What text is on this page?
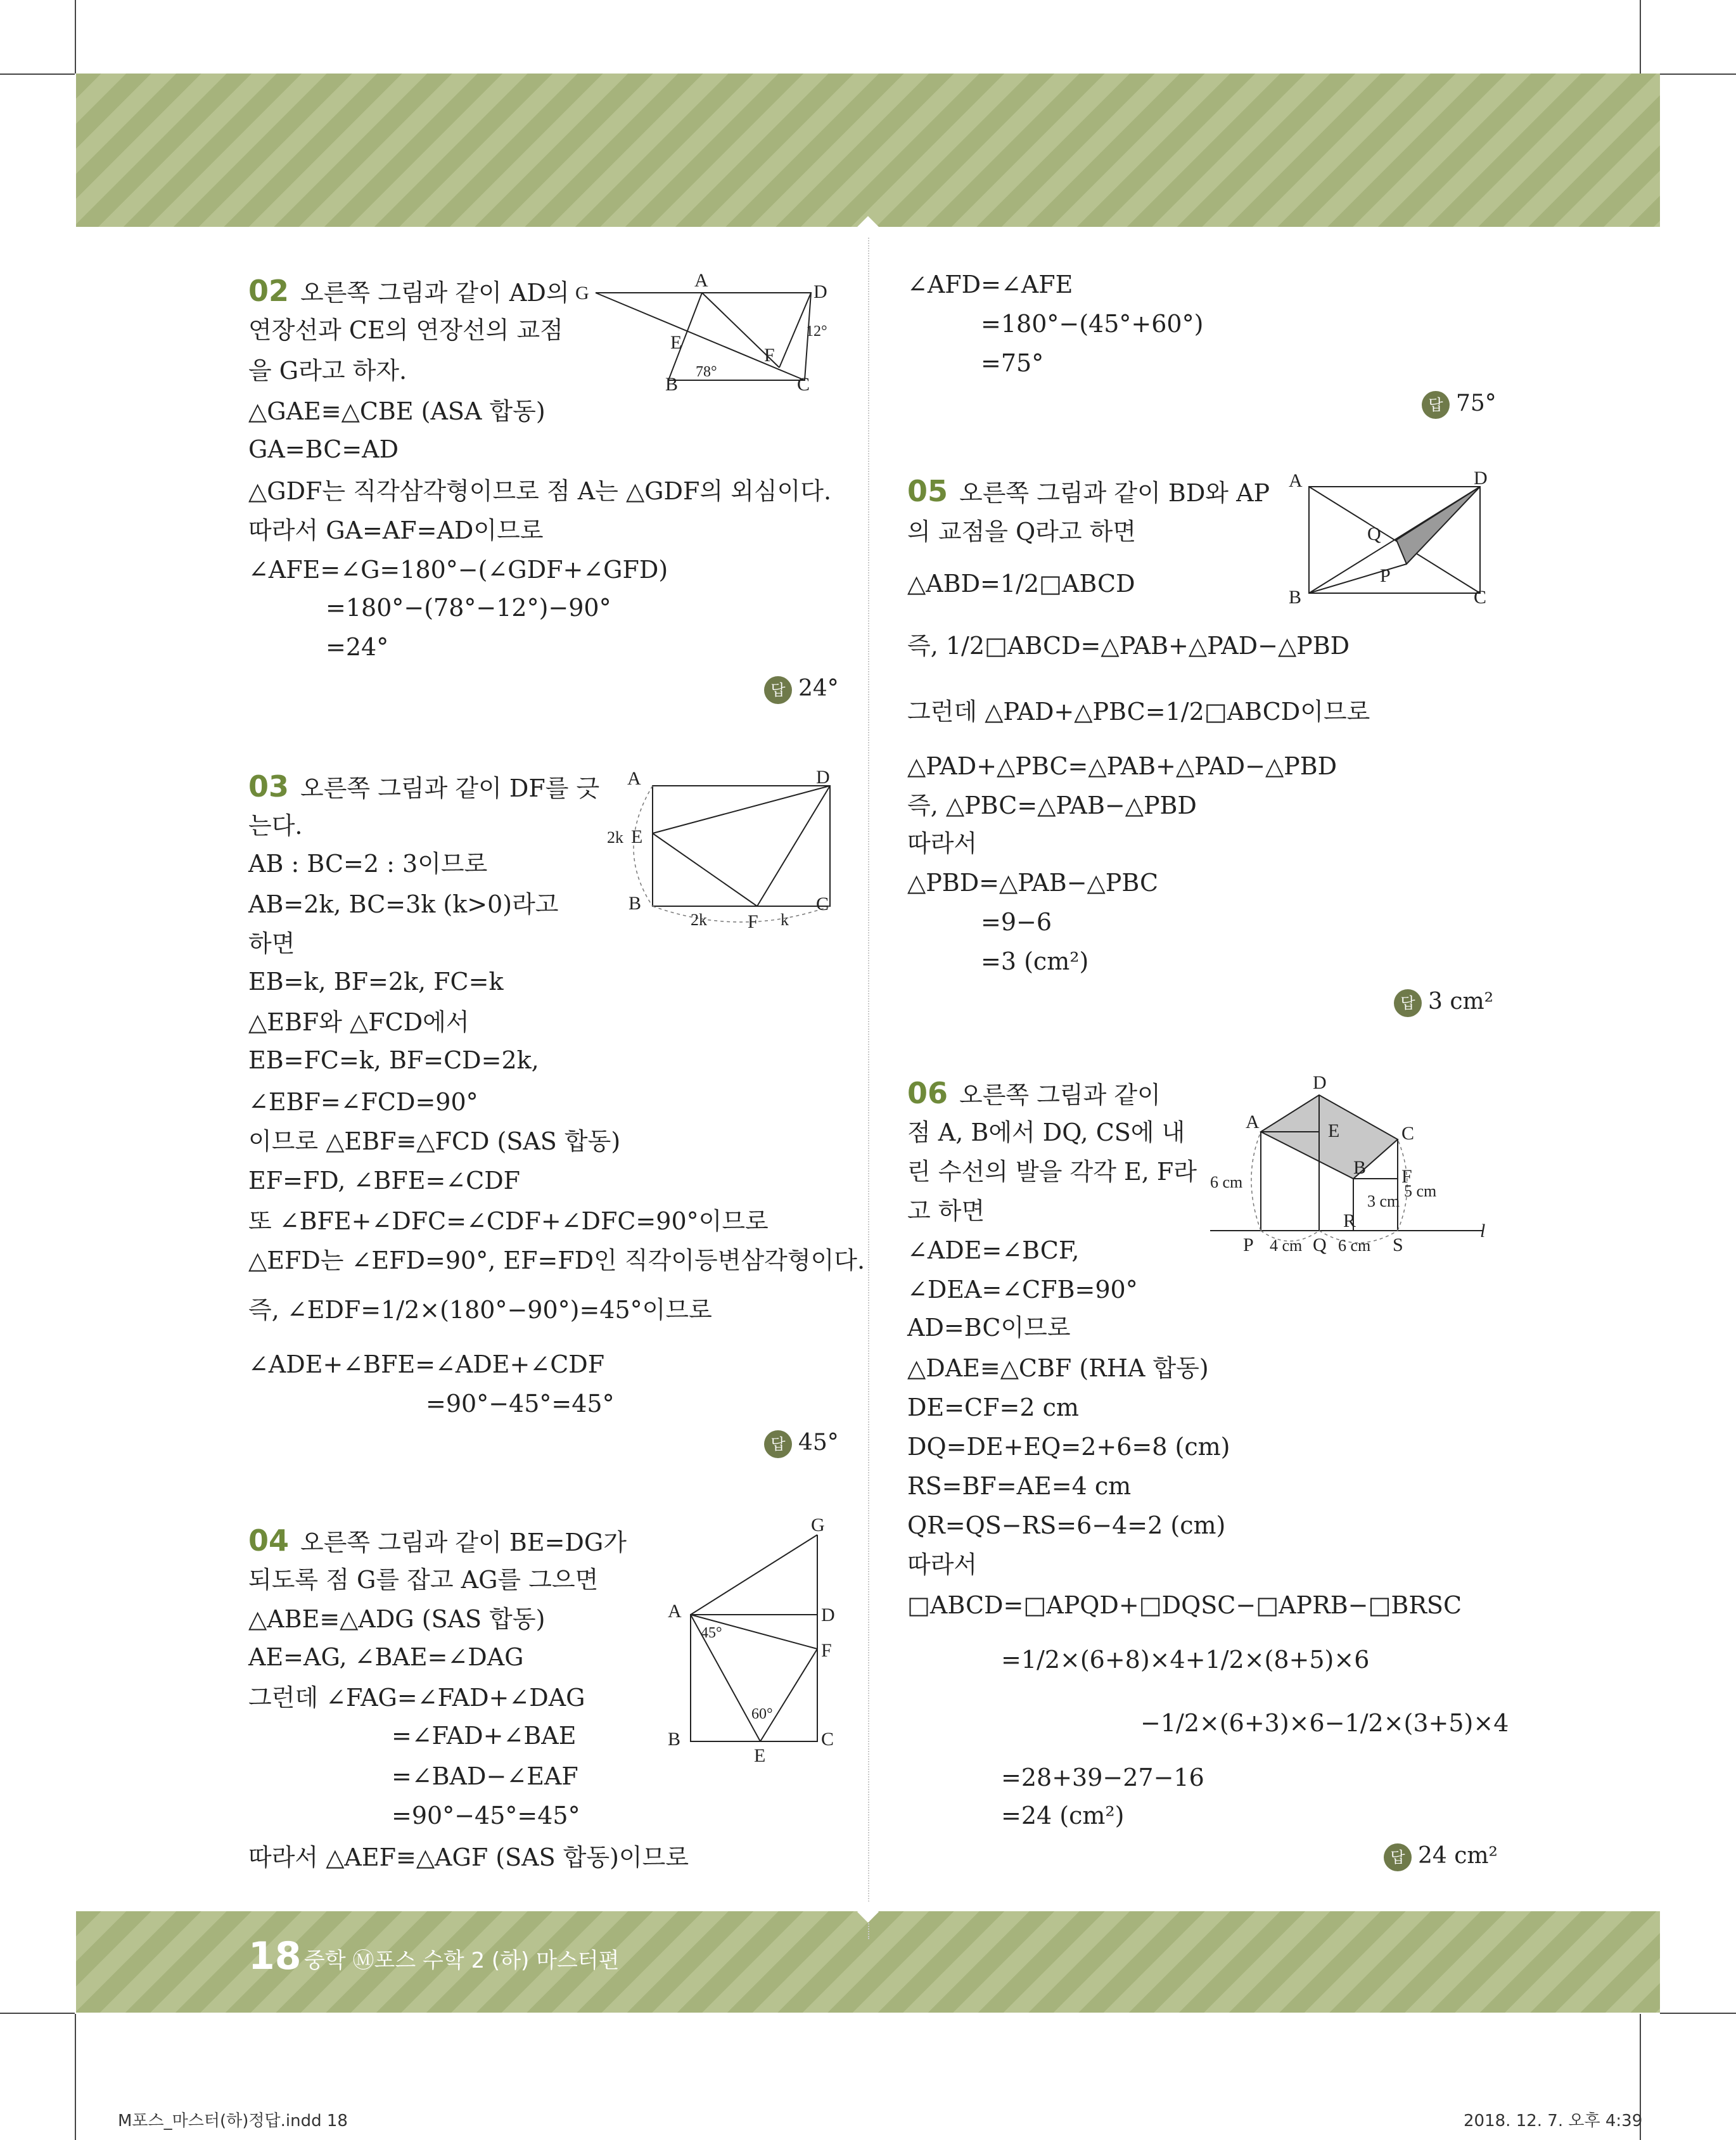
02 오른쪽 그림과 같이 AD의
연장선과 CE의 연장선의 교점
을 G라고 하자.
△GAE≡△CBE (ASA 합동)
GA=BC=AD
△GDF는 직각삼각형이므로 점 A는 △GDF의 외심이다.
따라서 GA=AF=AD이므로
∠AFE=∠G=180°−(∠GDF+∠GFD)
=180°−(78°−12°)−90°
=24°
답 24°
G
A
D
E
F
B	C
78°
12°
03 오른쪽 그림과 같이 DF를 긋
는다.
AB : BC=2 : 3이므로
AB=2k, BC=3k (k>0)라고
하면
EB=k, BF=2k, FC=k
△EBF와 △FCD에서
EB=FC=k, BF=CD=2k,
∠EBF=∠FCD=90°
이므로 △EBF≡△FCD (SAS 합동)
EF=FD, ∠BFE=∠CDF
또 ∠BFE+∠DFC=∠CDF+∠DFC=90°이므로
△EFD는 ∠EFD=90°, EF=FD인 직각이등변삼각형이다.
즉, ∠EDF=1/2×(180°−90°)=45°이므로
∠ADE+∠BFE=∠ADE+∠CDF
=90°−45°=45°
답 45°
A	D
2k E
B
2k F k
C
04 오른쪽 그림과 같이 BE=DG가
되도록 점 G를 잡고 AG를 그으면
△ABE≡△ADG (SAS 합동)
AE=AG, ∠BAE=∠DAG
그런데 ∠FAG=∠FAD+∠DAG
=∠FAD+∠BAE
=∠BAD−∠EAF
=90°−45°=45°
따라서 △AEF≡△AGF (SAS 합동)이므로
G
A	D
45°
F
60°
B
E
C
∠AFD=∠AFE
=180°−(45°+60°)
=75°
답 75°
05 오른쪽 그림과 같이 BD와 AP
의 교점을 Q라고 하면
△ABD=1/2□ABCD
즉, 1/2□ABCD=△PAB+△PAD−△PBD
그런데 △PAD+△PBC=1/2□ABCD이므로
△PAD+△PBC=△PAB+△PAD−△PBD
즉, △PBC=△PAB−△PBD
따라서
△PBD=△PAB−△PBC
=9−6
=3 (cm²)
답 3 cm²
A	D
Q
P
B	C
06 오른쪽 그림과 같이
점 A, B에서 DQ, CS에 내
린 수선의 발을 각각 E, F라
고 하면
∠ADE=∠BCF,
∠DEA=∠CFB=90°
AD=BC이므로
△DAE≡△CBF (RHA 합동)
DE=CF=2 cm
DQ=DE+EQ=2+6=8 (cm)
RS=BF=AE=4 cm
QR=QS−RS=6−4=2 (cm)
따라서
□ABCD=□APQD+□DQSC−□APRB−□BRSC
=1/2×(6+8)×4+1/2×(8+5)×6
−1/2×(6+3)×6−1/2×(3+5)×4
=28+39−27−16
=24 (cm²)
답 24 cm²
D
A	E	C
B F
6 cm
3 cm
5 cm
R
P 4 cm Q 6 cm S
l
18 중학 Ⓜ포스 수학 2 (하) 마스터편
M포스_마스터(하)정답.indd 18	2018. 12. 7. 오후 4:39
